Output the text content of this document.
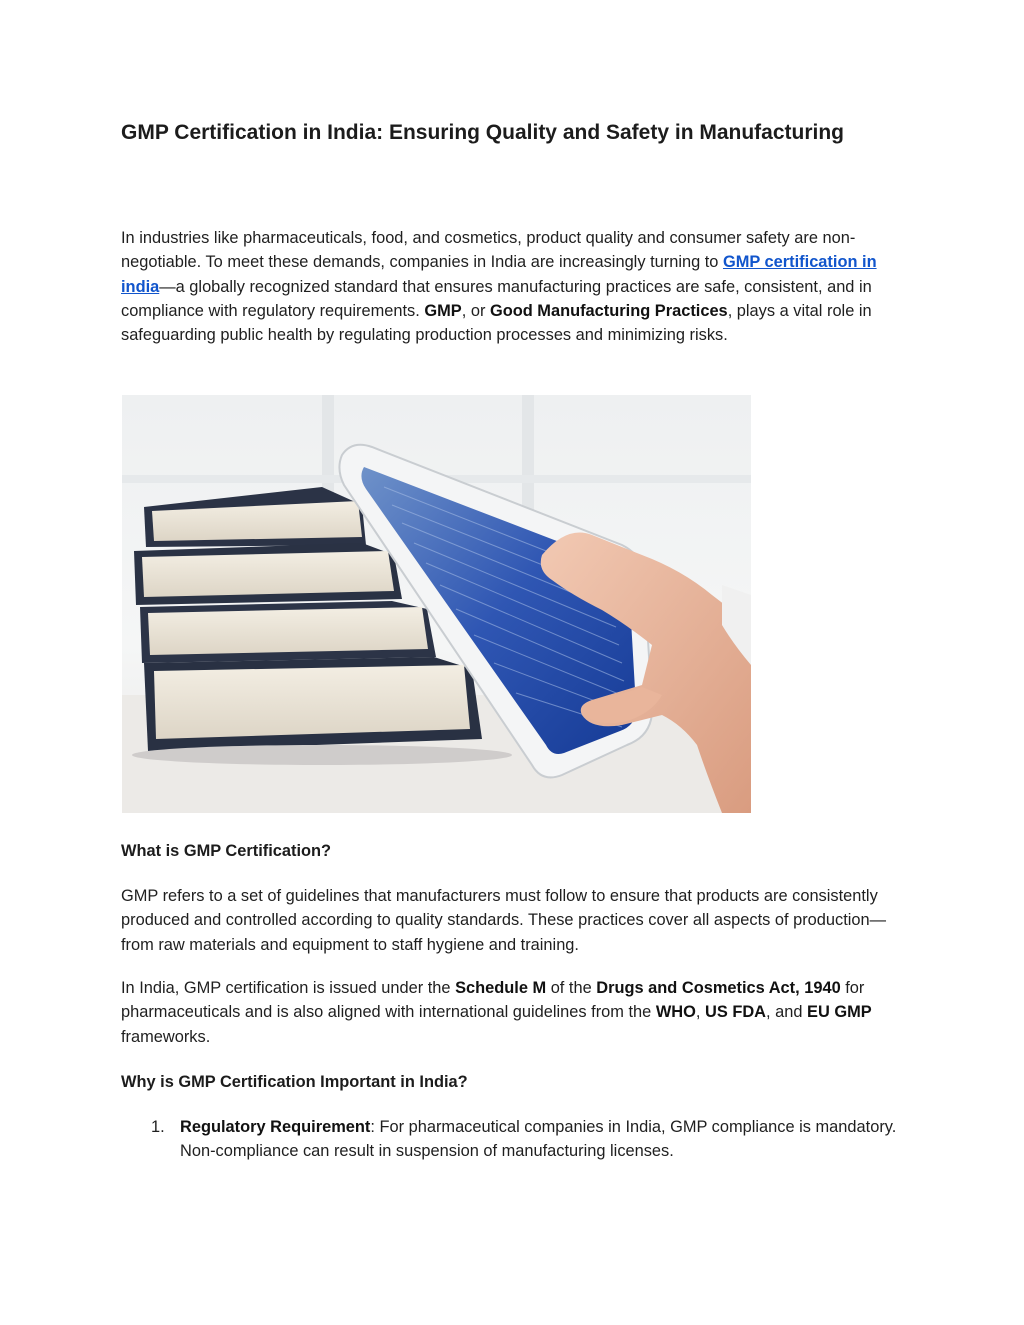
GMP Certification in India: Ensuring Quality and Safety in Manufacturing

In industries like pharmaceuticals, food, and cosmetics, product quality and consumer safety are non-negotiable. To meet these demands, companies in India are increasingly turning to GMP certification in india—a globally recognized standard that ensures manufacturing practices are safe, consistent, and in compliance with regulatory requirements. GMP, or Good Manufacturing Practices, plays a vital role in safeguarding public health by regulating production processes and minimizing risks.

What is GMP Certification?

GMP refers to a set of guidelines that manufacturers must follow to ensure that products are consistently produced and controlled according to quality standards. These practices cover all aspects of production—from raw materials and equipment to staff hygiene and training.

In India, GMP certification is issued under the Schedule M of the Drugs and Cosmetics Act, 1940 for pharmaceuticals and is also aligned with international guidelines from the WHO, US FDA, and EU GMP frameworks.

Why is GMP Certification Important in India?
1. Regulatory Requirement: For pharmaceutical companies in India, GMP compliance is mandatory. Non-compliance can result in suspension of manufacturing licenses.
